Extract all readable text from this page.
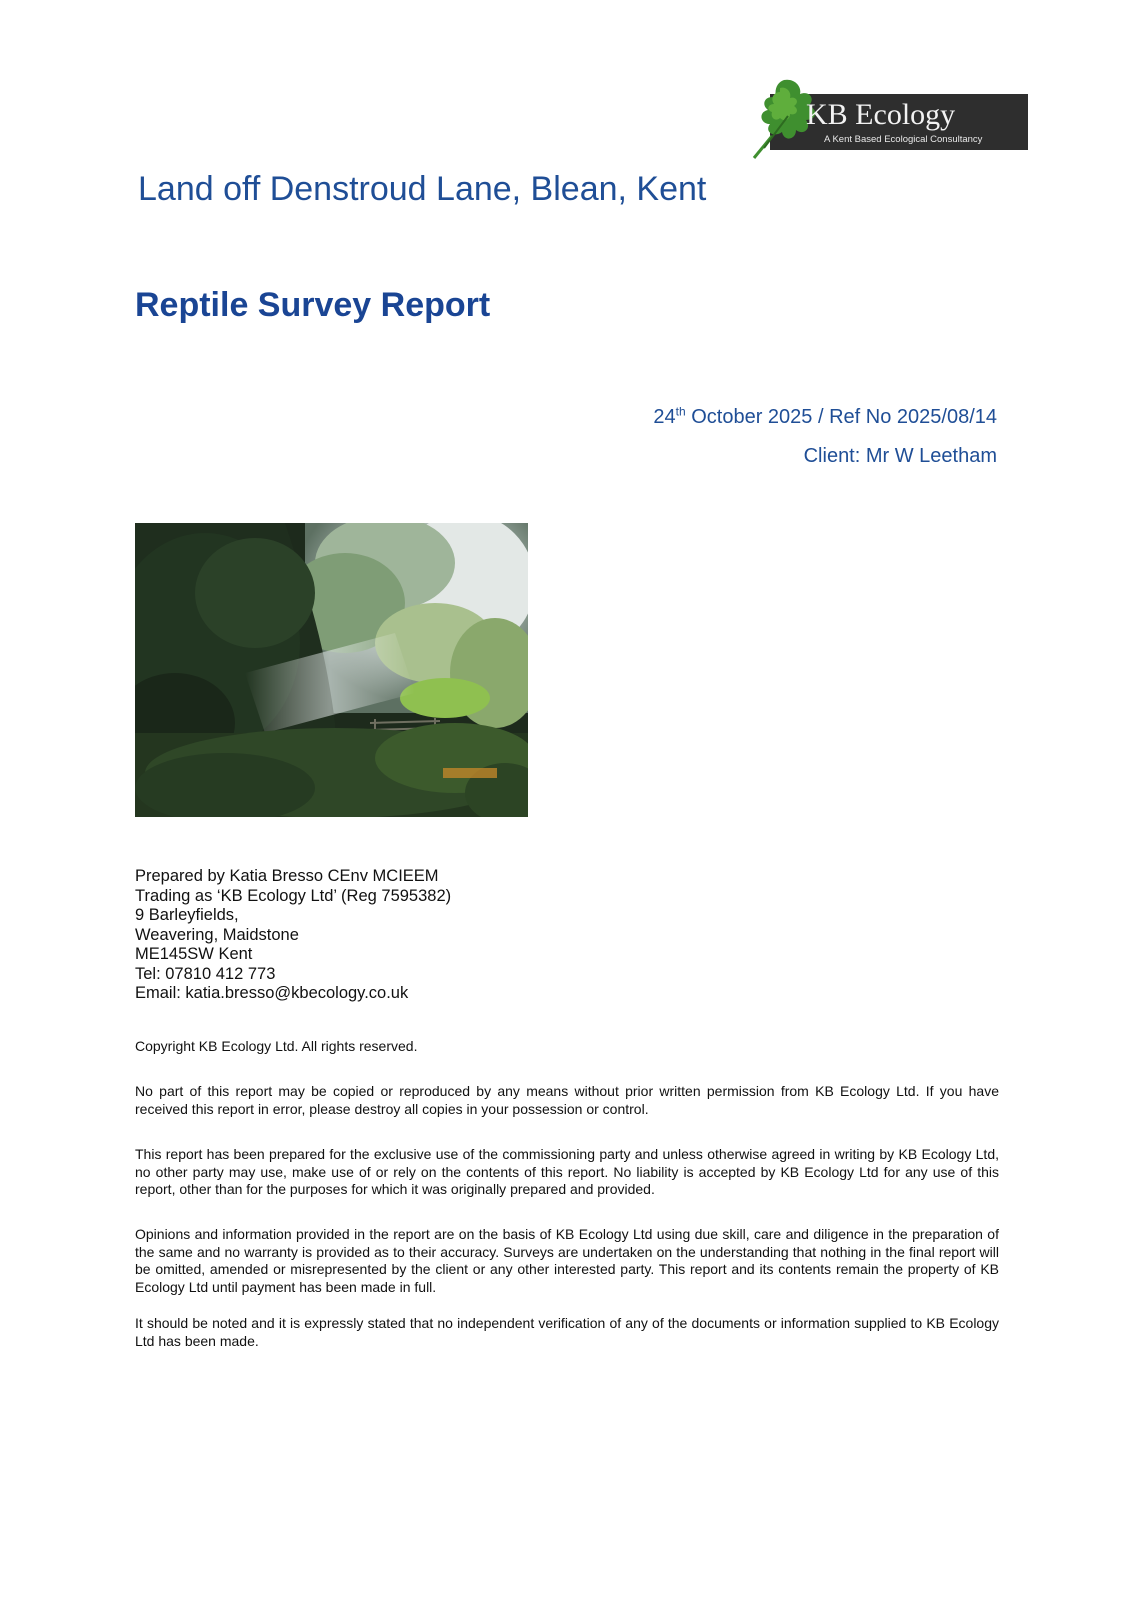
KB Ecology
A Kent Based Ecological Consultancy
Land off Denstroud Lane, Blean, Kent
Reptile Survey Report
24th October 2025 / Ref No 2025/08/14
Client: Mr W Leetham
Prepared by Katia Bresso CEnv MCIEEM
Trading as ‘KB Ecology Ltd’ (Reg 7595382)
9 Barleyfields,
Weavering, Maidstone
ME145SW Kent
Tel: 07810 412 773
Email: katia.bresso@kbecology.co.uk

Copyright KB Ecology Ltd. All rights reserved.

No part of this report may be copied or reproduced by any means without prior written permission from KB Ecology Ltd. If you have received this report in error, please destroy all copies in your possession or control.

This report has been prepared for the exclusive use of the commissioning party and unless otherwise agreed in writing by KB Ecology Ltd, no other party may use, make use of or rely on the contents of this report. No liability is accepted by KB Ecology Ltd for any use of this report, other than for the purposes for which it was originally prepared and provided.

Opinions and information provided in the report are on the basis of KB Ecology Ltd using due skill, care and diligence in the preparation of the same and no warranty is provided as to their accuracy. Surveys are undertaken on the understanding that nothing in the final report will be omitted, amended or misrepresented by the client or any other interested party. This report and its contents remain the property of KB Ecology Ltd until payment has been made in full.

It should be noted and it is expressly stated that no independent verification of any of the documents or information supplied to KB Ecology Ltd has been made.
